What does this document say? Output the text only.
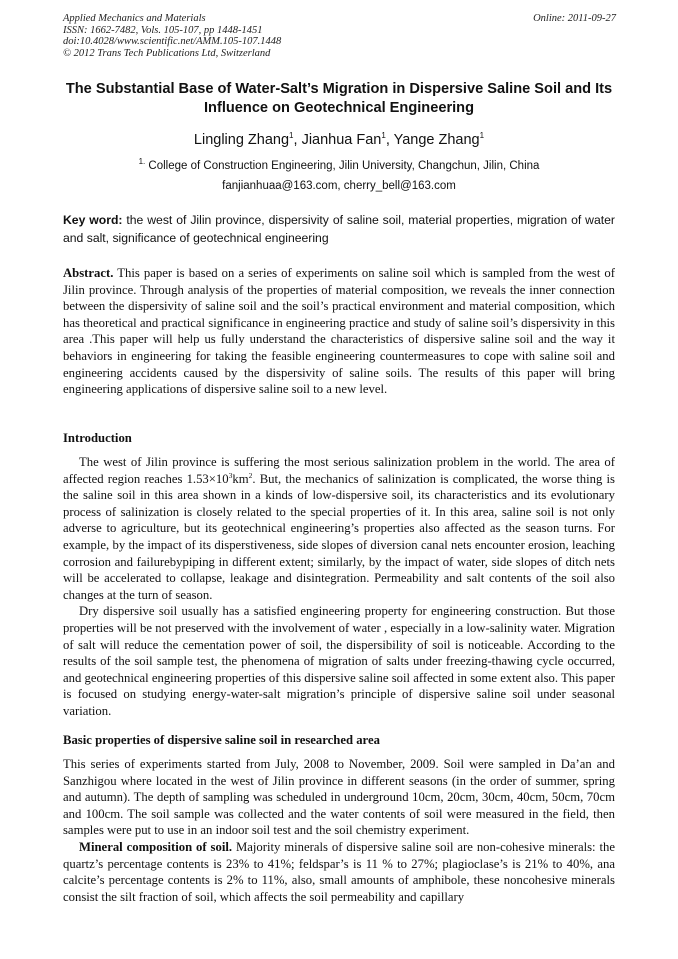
Applied Mechanics and Materials
ISSN: 1662-7482, Vols. 105-107, pp 1448-1451
doi:10.4028/www.scientific.net/AMM.105-107.1448
© 2012 Trans Tech Publications Ltd, Switzerland
Online: 2011-09-27
The Substantial Base of Water-Salt’s Migration in Dispersive Saline Soil and Its Influence on Geotechnical Engineering
Lingling Zhang$^1$, Jianhua Fan$^1$, Yange Zhang$^1$
$^{1.}$ College of Construction Engineering, Jilin University, Changchun, Jilin, China
fanjianhuaa@163.com, cherry_bell@163.com
Key word: the west of Jilin province, dispersivity of saline soil, material properties, migration of water and salt, significance of geotechnical engineering

Abstract. This paper is based on a series of experiments on saline soil which is sampled from the west of Jilin province. Through analysis of the properties of material composition, we reveals the inner connection between the dispersivity of saline soil and the soil’s practical environment and material composition, which has theoretical and practical significance in engineering practice and study of saline soil’s dispersivity in this area .This paper will help us fully understand the characteristics of dispersive saline soil and the way it behaviors in engineering for taking the feasible engineering countermeasures to cope with saline soil and engineering accidents caused by the dispersivity of saline soils. The results of this paper will bring engineering applications of dispersive saline soil to a new level.

Introduction

The west of Jilin province is suffering the most serious salinization problem in the world. The area of affected region reaches $1.53\times 10^3km^2$. But, the mechanics of salinization is complicated, the worse thing is the saline soil in this area shown in a kinds of low-dispersive soil, its characteristics and its evolutionary process of salinization is closely related to the special properties of it. In this area, saline soil is not only adverse to agriculture, but its geotechnical engineering’s properties also affected as the season turns. For example, by the impact of its disperstiveness, side slopes of diversion canal nets encounter erosion, leaching corrosion and failurebypiping in different extent; similarly, by the impact of water, side slopes of ditch nets will be accelerated to collapse, leakage and disintegration. Permeability and salt contents of the soil also changes at the turn of season.

Dry dispersive soil usually has a satisfied engineering property for engineering construction. But those properties will be not preserved with the involvement of water , especially in a low-salinity water. Migration of salt will reduce the cementation power of soil, the dispersibility of soil is noticeable. According to the results of the soil sample test, the phenomena of migration of salts under freezing-thawing cycle occurred, and geotechnical engineering properties of this dispersive saline soil affected in some extent also. This paper is focused on studying energy-water-salt migration’s principle of dispersive saline soil under seasonal variation.

Basic properties of dispersive saline soil in researched area

This series of experiments started from July, 2008 to November, 2009. Soil were sampled in Da’an and Sanzhigou where located in the west of Jilin province in different seasons (in the order of summer, spring and autumn). The depth of sampling was scheduled in underground 10cm, 20cm, 30cm, 40cm, 50cm, 70cm and 100cm. The soil sample was collected and the water contents of soil were measured in the field, then samples were put to use in an indoor soil test and the soil chemistry experiment.

Mineral composition of soil. Majority minerals of dispersive saline soil are non-cohesive minerals: the quartz’s percentage contents is 23% to 41%; feldspar’s is 11 % to 27%; plagioclase’s is 21% to 40%, ana calcite’s percentage contents is 2% to 11%, also, small amounts of amphibole, these noncohesive minerals consist the silt fraction of soil, which affects the soil permeability and capillary
